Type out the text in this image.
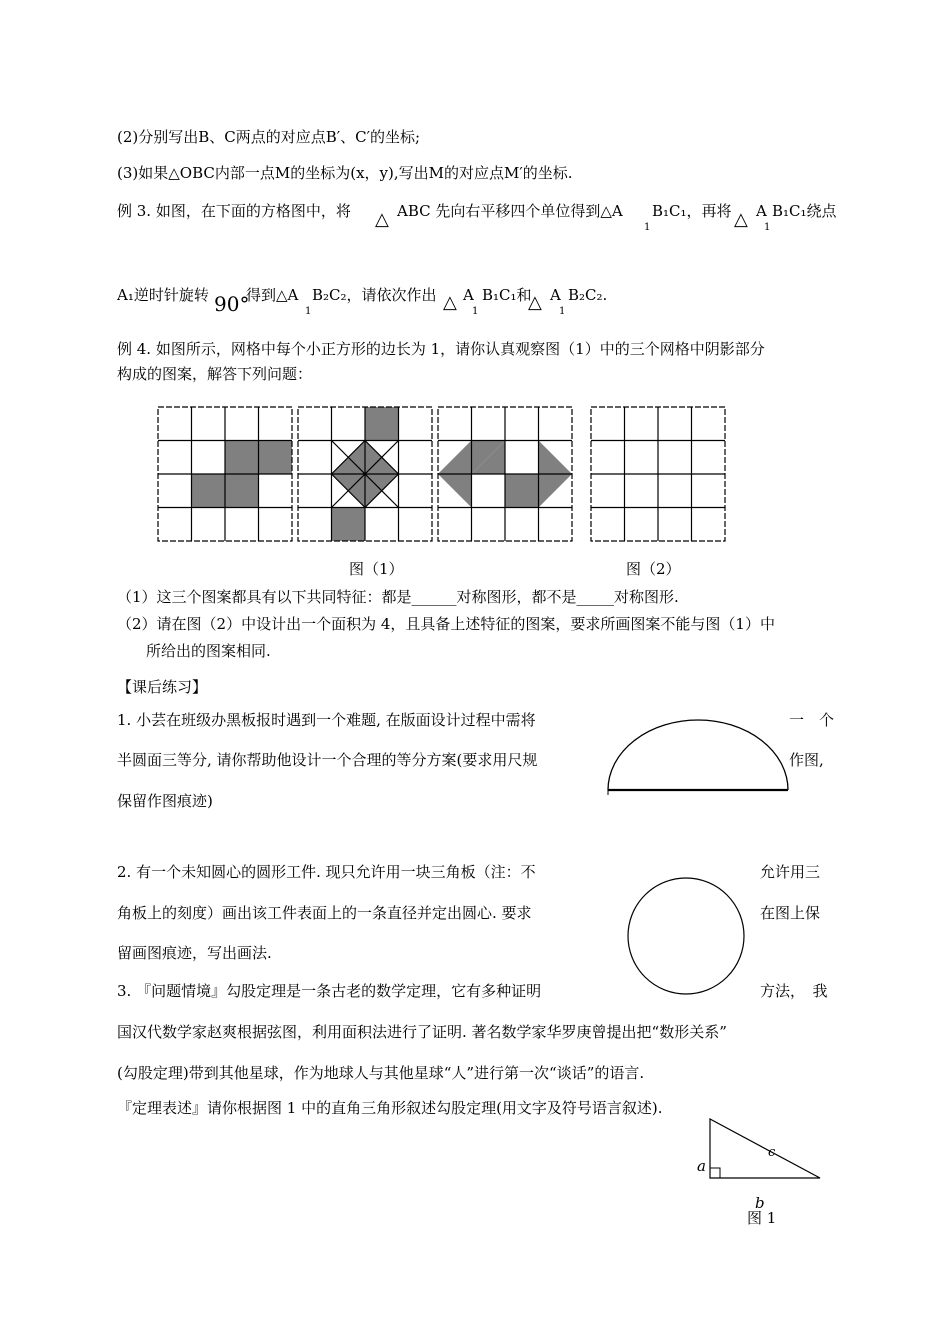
(2)分别写出B、C两点的对应点B′、C′的坐标;
(3)如果△OBC内部一点M的坐标为(x，y),写出M的对应点M′的坐标.
例 3. 如图，在下面的方格图中，将 △ ABC 先向右平移四个单位得到△A
1
B₁C₁，再将 △ A
1
B₁C₁绕点
A₁逆时针旋转 90°
得到△A
1
B₂C₂，请依次作出 △ A
1
B₁C₁和
△ A
1
B₂C₂.
例 4. 如图所示，网格中每个小正方形的边长为 1，请你认真观察图（1）中的三个网格中阴影部分
构成的图案，解答下列问题：
图（1）	图（2）
（1）这三个图案都具有以下共同特征：都是______对称图形，都不是_____对称图形.
（2）请在图（2）中设计出一个面积为 4，且具备上述特征的图案，要求所画图案不能与图（1）中
所给出的图案相同.
【课后练习】
1. 小芸在班级办黑板报时遇到一个难题, 在版面设计过程中需将	一　个
半圆面三等分, 请你帮助他设计一个合理的等分方案(要求用尺规	作图,
保留作图痕迹)
2. 有一个未知圆心的圆形工件. 现只允许用一块三角板（注：不	允许用三
角板上的刻度）画出该工件表面上的一条直径并定出圆心. 要求	在图上保
留画图痕迹，写出画法.
3. 『问题情境』勾股定理是一条古老的数学定理，它有多种证明	方法，　我
国汉代数学家赵爽根据弦图，利用面积法进行了证明. 著名数学家华罗庚曾提出把“数形关系”
(勾股定理)带到其他星球，作为地球人与其他星球“人”进行第一次“谈话”的语言.
『定理表述』请你根据图 1 中的直角三角形叙述勾股定理(用文字及符号语言叙述).
a
c
b
图 1
